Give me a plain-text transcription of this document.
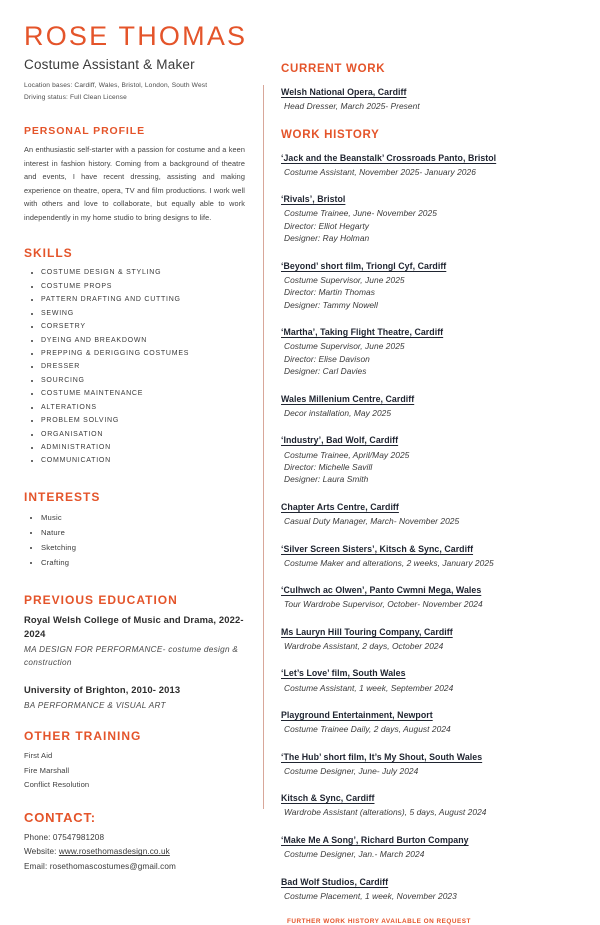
ROSE THOMAS
Costume Assistant & Maker
Location bases: Cardiff, Wales, Bristol, London, South West
Driving status: Full Clean License
PERSONAL PROFILE

An enthusiastic self-starter with a passion for costume and a keen interest in fashion history. Coming from a background of theatre and events, I have recent dressing, assisting and making experience on theatre, opera, TV and film productions. I work well with others and love to collaborate, but equally able to work independently in my home studio to bring designs to life.

SKILLS
• COSTUME DESIGN & STYLING
• COSTUME PROPS
• PATTERN DRAFTING AND CUTTING
• SEWING
• CORSETRY
• DYEING AND BREAKDOWN
• PREPPING & DERIGGING COSTUMES
• DRESSER
• SOURCING
• COSTUME MAINTENANCE
• ALTERATIONS
• PROBLEM SOLVING
• ORGANISATION
• ADMINISTRATION
• COMMUNICATION
INTERESTS
• Music
• Nature
• Sketching
• Crafting
PREVIOUS EDUCATION
Royal Welsh College of Music and Drama, 2022- 2024
MA DESIGN FOR PERFORMANCE- costume design & construction
University of Brighton, 2010- 2013
BA PERFORMANCE & VISUAL ART
OTHER TRAINING
First Aid
Fire Marshall
Conflict Resolution
CONTACT:
Phone: 07547981208
Website: www.rosethomasdesign.co.uk
Email: rosethomascostumes@gmail.com
CURRENT WORK
Welsh National Opera, Cardiff
Head Dresser, March 2025- Present
WORK HISTORY
‘Jack and the Beanstalk’ Crossroads Panto, Bristol
Costume Assistant, November 2025- January 2026
‘Rivals’, Bristol
Costume Trainee, June- November 2025
Director: Elliot Hegarty
Designer: Ray Holman
‘Beyond’ short film, Triongl Cyf, Cardiff
Costume Supervisor, June 2025
Director: Martin Thomas
Designer: Tammy Nowell
‘Martha’, Taking Flight Theatre, Cardiff
Costume Supervisor, June 2025
Director: Elise Davison
Designer: Carl Davies
Wales Millenium Centre, Cardiff
Decor installation, May 2025
‘Industry’, Bad Wolf, Cardiff
Costume Trainee, April/May 2025
Director: Michelle Savill
Designer: Laura Smith
Chapter Arts Centre, Cardiff
Casual Duty Manager, March- November 2025
‘Silver Screen Sisters’, Kitsch & Sync, Cardiff
Costume Maker and alterations, 2 weeks, January 2025
‘Culhwch ac Olwen’, Panto Cwmni Mega, Wales
Tour Wardrobe Supervisor, October- November 2024
Ms Lauryn Hill Touring Company, Cardiff
Wardrobe Assistant, 2 days, October 2024
‘Let’s Love’ film, South Wales
Costume Assistant, 1 week, September 2024
Playground Entertainment, Newport
Costume Trainee Daily, 2 days, August 2024
‘The Hub’ short film, It’s My Shout, South Wales
Costume Designer, June- July 2024
Kitsch & Sync, Cardiff
Wardrobe Assistant (alterations), 5 days, August 2024
‘Make Me A Song’, Richard Burton Company
Costume Designer, Jan.- March 2024
Bad Wolf Studios, Cardiff
Costume Placement, 1 week, November 2023
FURTHER WORK HISTORY AVAILABLE ON REQUEST
